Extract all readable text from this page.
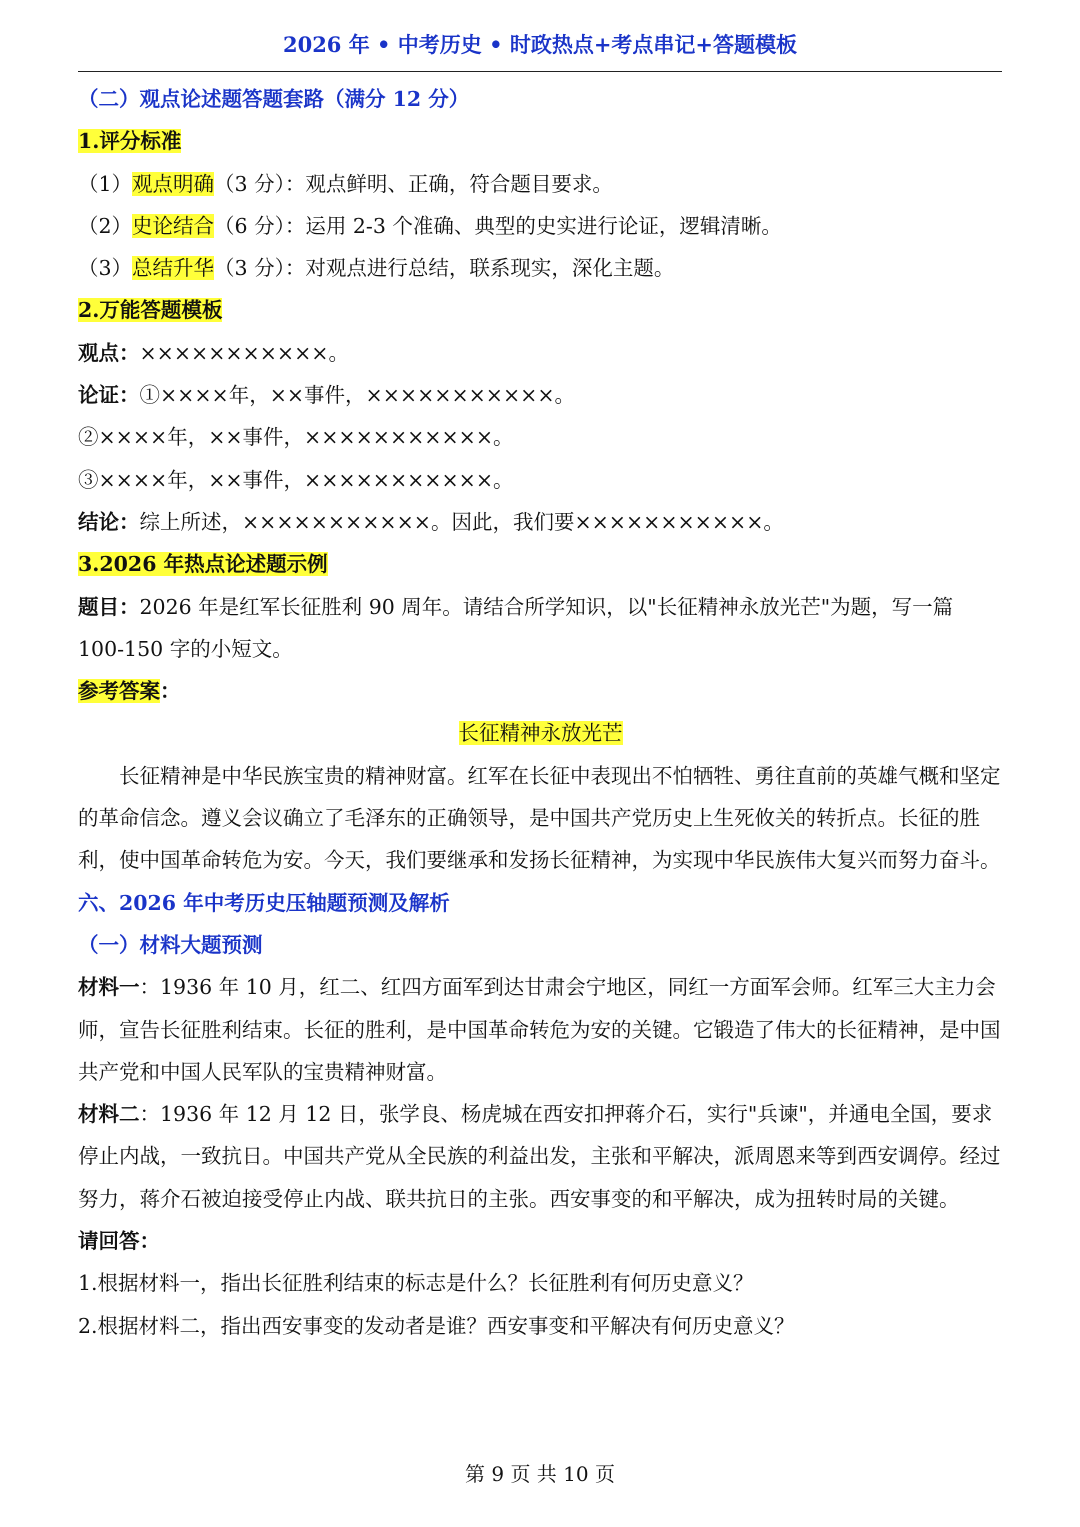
2026 年 • 中考历史 • 时政热点+考点串记+答题模板
（二）观点论述题答题套路（满分 12 分）
1.评分标准
（1）观点明确（3 分）：观点鲜明、正确，符合题目要求。
（2）史论结合（6 分）：运用 2-3 个准确、典型的史实进行论证，逻辑清晰。
（3）总结升华（3 分）：对观点进行总结，联系现实，深化主题。
2.万能答题模板
观点：×××××××××××。
论证：①××××年，××事件，×××××××××××。
②××××年，××事件，×××××××××××。
③××××年，××事件，×××××××××××。
结论：综上所述，×××××××××××。因此，我们要×××××××××××。
3.2026 年热点论述题示例
题目：2026 年是红军长征胜利 90 周年。请结合所学知识，以"长征精神永放光芒"为题，写一篇 100-150 字的小短文。
参考答案：
长征精神永放光芒
长征精神是中华民族宝贵的精神财富。红军在长征中表现出不怕牺牲、勇往直前的英雄气概和坚定的革命信念。遵义会议确立了毛泽东的正确领导，是中国共产党历史上生死攸关的转折点。长征的胜利，使中国革命转危为安。今天，我们要继承和发扬长征精神，为实现中华民族伟大复兴而努力奋斗。
六、2026 年中考历史压轴题预测及解析
（一）材料大题预测
材料一：1936 年 10 月，红二、红四方面军到达甘肃会宁地区，同红一方面军会师。红军三大主力会师，宣告长征胜利结束。长征的胜利，是中国革命转危为安的关键。它锻造了伟大的长征精神，是中国共产党和中国人民军队的宝贵精神财富。
材料二：1936 年 12 月 12 日，张学良、杨虎城在西安扣押蒋介石，实行"兵谏"，并通电全国，要求停止内战，一致抗日。中国共产党从全民族的利益出发，主张和平解决，派周恩来等到西安调停。经过努力，蒋介石被迫接受停止内战、联共抗日的主张。西安事变的和平解决，成为扭转时局的关键。
请回答：
1.根据材料一，指出长征胜利结束的标志是什么？长征胜利有何历史意义？
2.根据材料二，指出西安事变的发动者是谁？西安事变和平解决有何历史意义？
第 9 页 共 10 页
